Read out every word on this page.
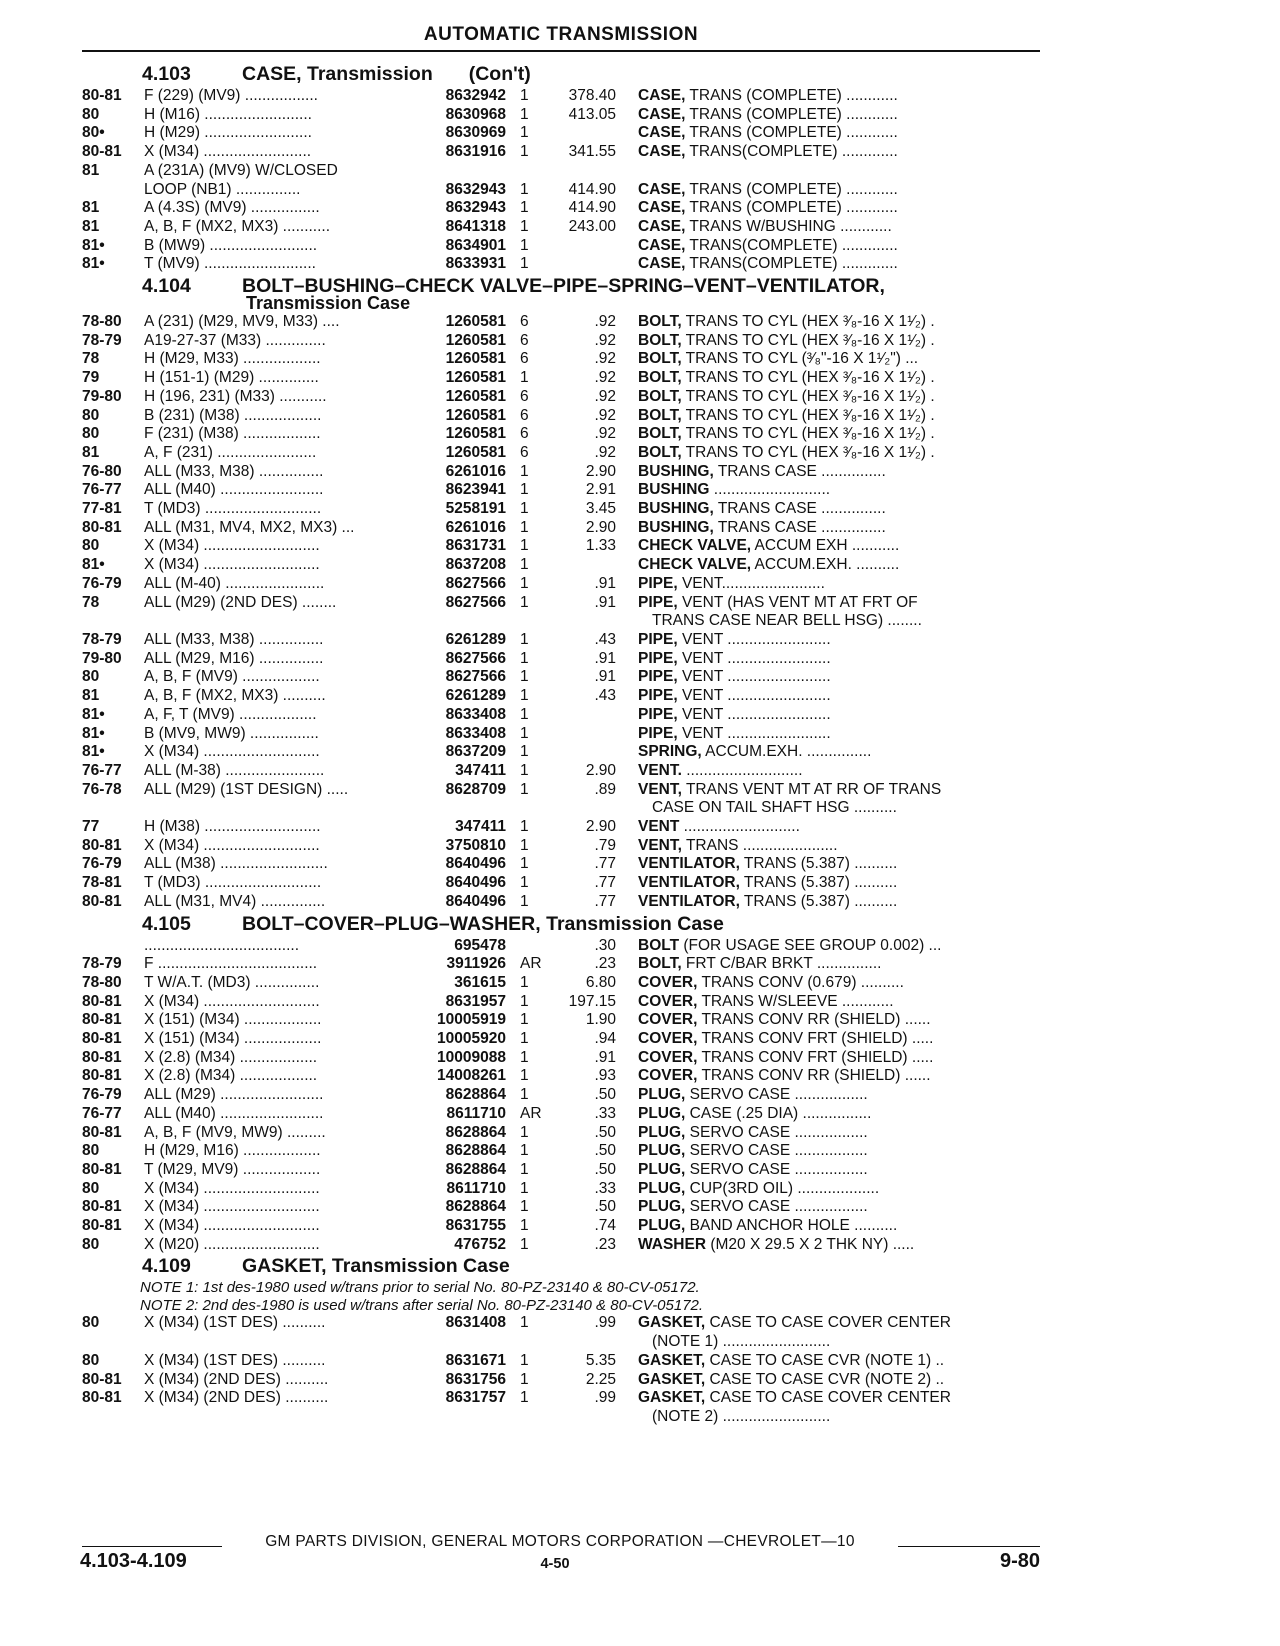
AUTOMATIC TRANSMISSION
4.103	CASE, Transmission (Con't)
80-81	F (229) (MV9) .................	8632942 1	378.40	CASE, TRANS (COMPLETE) ............
80	H (M16) .........................	8630968 1	413.05	CASE, TRANS (COMPLETE) ............
80•	H (M29) .........................	8630969 1	CASE, TRANS (COMPLETE) ............
80-81	X (M34) .........................	8631916 1	341.55	CASE, TRANS(COMPLETE) .............
81	A (231A) (MV9) W/CLOSED
LOOP (NB1) ...............	8632943 1	414.90	CASE, TRANS (COMPLETE) ............
81	A (4.3S) (MV9) ................	8632943 1	414.90	CASE, TRANS (COMPLETE) ............
81	A, B, F (MX2, MX3) ...........	8641318 1	243.00	CASE, TRANS W/BUSHING ............
81•	B (MW9) .........................	8634901 1	CASE, TRANS(COMPLETE) .............
81•	T (MV9) ..........................	8633931 1	CASE, TRANS(COMPLETE) .............
4.104	BOLT–BUSHING–CHECK VALVE–PIPE–SPRING–VENT–VENTILATOR,
Transmission Case
78-80	A (231) (M29, MV9, M33) ....	1260581 6	.92	BOLT, TRANS TO CYL (HEX ³⁄₈-16 X 1¹⁄₂) .
78-79	A19-27-37 (M33) ..............	1260581 6	.92	BOLT, TRANS TO CYL (HEX ³⁄₈-16 X 1¹⁄₂) .
78	H (M29, M33) ..................	1260581 6	.92	BOLT, TRANS TO CYL (³⁄₈"-16 X 1¹⁄₂") ...
79	H (151-1) (M29) ..............	1260581 1	.92	BOLT, TRANS TO CYL (HEX ³⁄₈-16 X 1¹⁄₂) .
79-80	H (196, 231) (M33) ...........	1260581 6	.92	BOLT, TRANS TO CYL (HEX ³⁄₈-16 X 1¹⁄₂) .
80	B (231) (M38) ..................	1260581 6	.92	BOLT, TRANS TO CYL (HEX ³⁄₈-16 X 1¹⁄₂) .
80	F (231) (M38) ..................	1260581 6	.92	BOLT, TRANS TO CYL (HEX ³⁄₈-16 X 1¹⁄₂) .
81	A, F (231) .......................	1260581 6	.92	BOLT, TRANS TO CYL (HEX ³⁄₈-16 X 1¹⁄₂) .
76-80	ALL (M33, M38) ...............	6261016 1	2.90	BUSHING, TRANS CASE ...............
76-77	ALL (M40) ........................	8623941 1	2.91	BUSHING ...........................
77-81	T (MD3) ...........................	5258191 1	3.45	BUSHING, TRANS CASE ...............
80-81	ALL (M31, MV4, MX2, MX3) ...	6261016 1	2.90	BUSHING, TRANS CASE ...............
80	X (M34) ...........................	8631731 1	1.33	CHECK VALVE, ACCUM EXH ...........
81•	X (M34) ...........................	8637208 1	CHECK VALVE, ACCUM.EXH. ..........
76-79	ALL (M-40) .......................	8627566 1	.91	PIPE, VENT........................
78	ALL (M29) (2ND DES) ........	8627566 1	.91	PIPE, VENT (HAS VENT MT AT FRT OF
TRANS CASE NEAR BELL HSG) ........
78-79	ALL (M33, M38) ...............	6261289 1	.43	PIPE, VENT ........................
79-80	ALL (M29, M16) ...............	8627566 1	.91	PIPE, VENT ........................
80	A, B, F (MV9) ..................	8627566 1	.91	PIPE, VENT ........................
81	A, B, F (MX2, MX3) ..........	6261289 1	.43	PIPE, VENT ........................
81•	A, F, T (MV9) ..................	8633408 1	PIPE, VENT ........................
81•	B (MV9, MW9) ................	8633408 1	PIPE, VENT ........................
81•	X (M34) ...........................	8637209 1	SPRING, ACCUM.EXH. ...............
76-77	ALL (M-38) .......................	347411 1	2.90	VENT. ...........................
76-78	ALL (M29) (1ST DESIGN) .....	8628709 1	.89	VENT, TRANS VENT MT AT RR OF TRANS
CASE ON TAIL SHAFT HSG ..........
77	H (M38) ...........................	347411 1	2.90	VENT ...........................
80-81	X (M34) ...........................	3750810 1	.79	VENT, TRANS ......................
76-79	ALL (M38) .........................	8640496 1	.77	VENTILATOR, TRANS (5.387) ..........
78-81	T (MD3) ...........................	8640496 1	.77	VENTILATOR, TRANS (5.387) ..........
80-81	ALL (M31, MV4) ...............	8640496 1	.77	VENTILATOR, TRANS (5.387) ..........
4.105	BOLT–COVER–PLUG–WASHER, Transmission Case
....................................	695478	.30	BOLT (FOR USAGE SEE GROUP 0.002) ...
78-79	F .....................................	3911926 AR	.23	BOLT, FRT C/BAR BRKT ...............
78-80	T W/A.T. (MD3) ...............	361615 1	6.80	COVER, TRANS CONV (0.679) ..........
80-81	X (M34) ...........................	8631957 1	197.15	COVER, TRANS W/SLEEVE ............
80-81	X (151) (M34) ..................	10005919 1	1.90	COVER, TRANS CONV RR (SHIELD) ......
80-81	X (151) (M34) ..................	10005920 1	.94	COVER, TRANS CONV FRT (SHIELD) .....
80-81	X (2.8) (M34) ..................	10009088 1	.91	COVER, TRANS CONV FRT (SHIELD) .....
80-81	X (2.8) (M34) ..................	14008261 1	.93	COVER, TRANS CONV RR (SHIELD) ......
76-79	ALL (M29) ........................	8628864 1	.50	PLUG, SERVO CASE .................
76-77	ALL (M40) ........................	8611710 AR	.33	PLUG, CASE (.25 DIA) ................
80-81	A, B, F (MV9, MW9) .........	8628864 1	.50	PLUG, SERVO CASE .................
80	H (M29, M16) ..................	8628864 1	.50	PLUG, SERVO CASE .................
80-81	T (M29, MV9) ..................	8628864 1	.50	PLUG, SERVO CASE .................
80	X (M34) ...........................	8611710 1	.33	PLUG, CUP(3RD OIL) ...................
80-81	X (M34) ...........................	8628864 1	.50	PLUG, SERVO CASE .................
80-81	X (M34) ...........................	8631755 1	.74	PLUG, BAND ANCHOR HOLE ..........
80	X (M20) ...........................	476752 1	.23	WASHER (M20 X 29.5 X 2 THK NY) .....
4.109	GASKET, Transmission Case
NOTE 1: 1st des-1980 used w/trans prior to serial No. 80-PZ-23140 & 80-CV-05172.
NOTE 2: 2nd des-1980 is used w/trans after serial No. 80-PZ-23140 & 80-CV-05172.
80	X (M34) (1ST DES) ..........	8631408 1	.99	GASKET, CASE TO CASE COVER CENTER
(NOTE 1) .........................
80	X (M34) (1ST DES) ..........	8631671 1	5.35	GASKET, CASE TO CASE CVR (NOTE 1) ..
80-81	X (M34) (2ND DES) ..........	8631756 1	2.25	GASKET, CASE TO CASE CVR (NOTE 2) ..
80-81	X (M34) (2ND DES) ..........	8631757 1	.99	GASKET, CASE TO CASE COVER CENTER
(NOTE 2) .........................
GM PARTS DIVISION, GENERAL MOTORS CORPORATION —CHEVROLET—10
4.103-4.109	4-50	9-80
